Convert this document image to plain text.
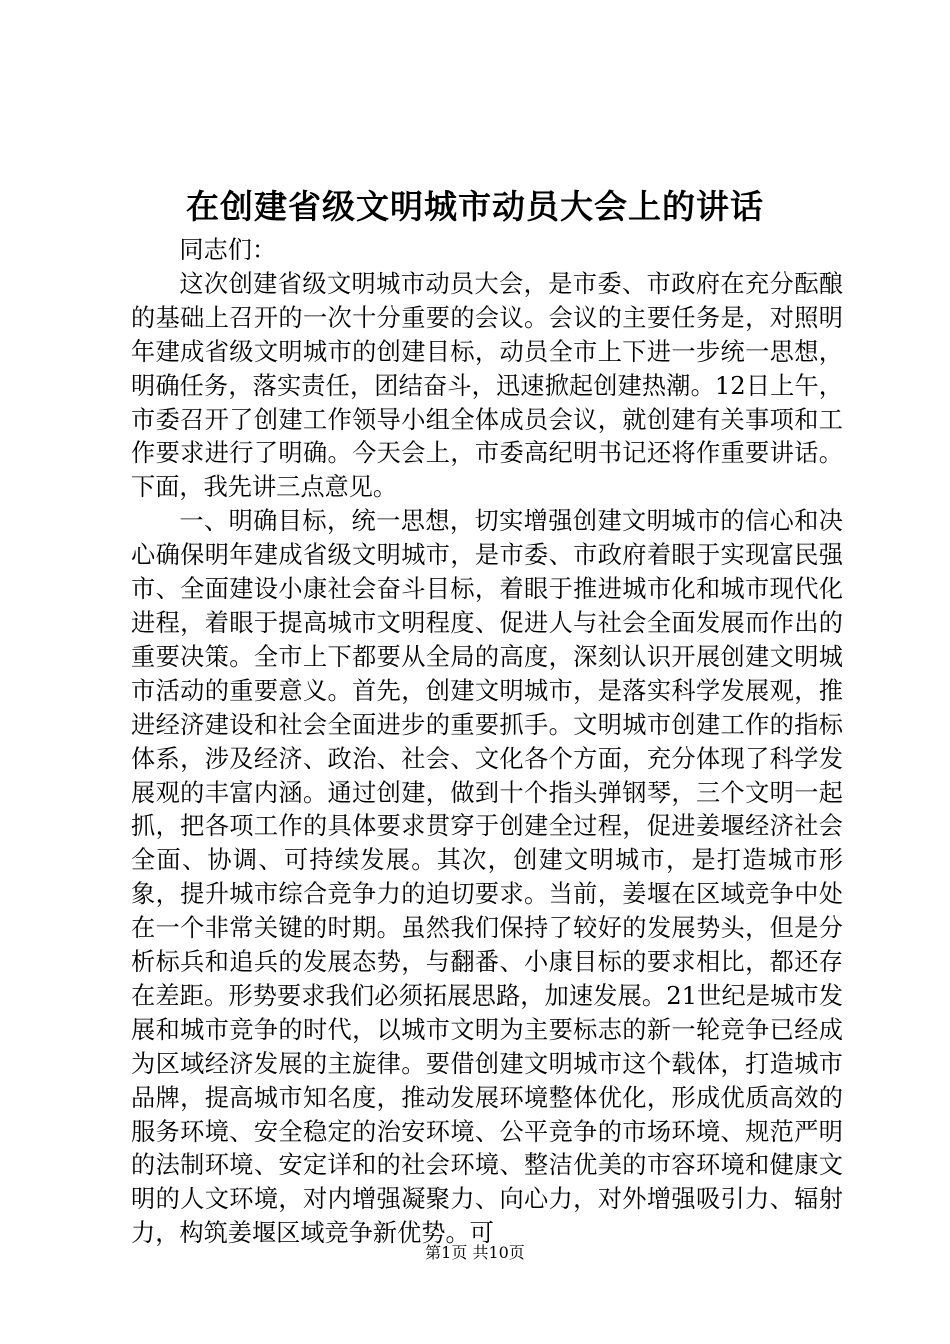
在创建省级文明城市动员大会上的讲话

同志们：

这次创建省级文明城市动员大会，是市委、市政府在充分酝酿的基础上召开的一次十分重要的会议。会议的主要任务是，对照明年建成省级文明城市的创建目标，动员全市上下进一步统一思想，明确任务，落实责任，团结奋斗，迅速掀起创建热潮。12日上午，市委召开了创建工作领导小组全体成员会议，就创建有关事项和工作要求进行了明确。今天会上，市委高纪明书记还将作重要讲话。下面，我先讲三点意见。

一、明确目标，统一思想，切实增强创建文明城市的信心和决心确保明年建成省级文明城市，是市委、市政府着眼于实现富民强市、全面建设小康社会奋斗目标，着眼于推进城市化和城市现代化进程，着眼于提高城市文明程度、促进人与社会全面发展而作出的重要决策。全市上下都要从全局的高度，深刻认识开展创建文明城市活动的重要意义。首先，创建文明城市，是落实科学发展观，推进经济建设和社会全面进步的重要抓手。文明城市创建工作的指标体系，涉及经济、政治、社会、文化各个方面，充分体现了科学发展观的丰富内涵。通过创建，做到十个指头弹钢琴，三个文明一起抓，把各项工作的具体要求贯穿于创建全过程，促进姜堰经济社会全面、协调、可持续发展。其次，创建文明城市，是打造城市形象，提升城市综合竞争力的迫切要求。当前，姜堰在区域竞争中处在一个非常关键的时期。虽然我们保持了较好的发展势头，但是分析标兵和追兵的发展态势，与翻番、小康目标的要求相比，都还存在差距。形势要求我们必须拓展思路，加速发展。21世纪是城市发展和城市竞争的时代，以城市文明为主要标志的新一轮竞争已经成为区域经济发展的主旋律。要借创建文明城市这个载体，打造城市品牌，提高城市知名度，推动发展环境整体优化，形成优质高效的服务环境、安全稳定的治安环境、公平竞争的市场环境、规范严明的法制环境、安定详和的社会环境、整洁优美的市容环境和健康文明的人文环境，对内增强凝聚力、向心力，对外增强吸引力、辐射力，构筑姜堰区域竞争新优势。可

第1页 共10页
